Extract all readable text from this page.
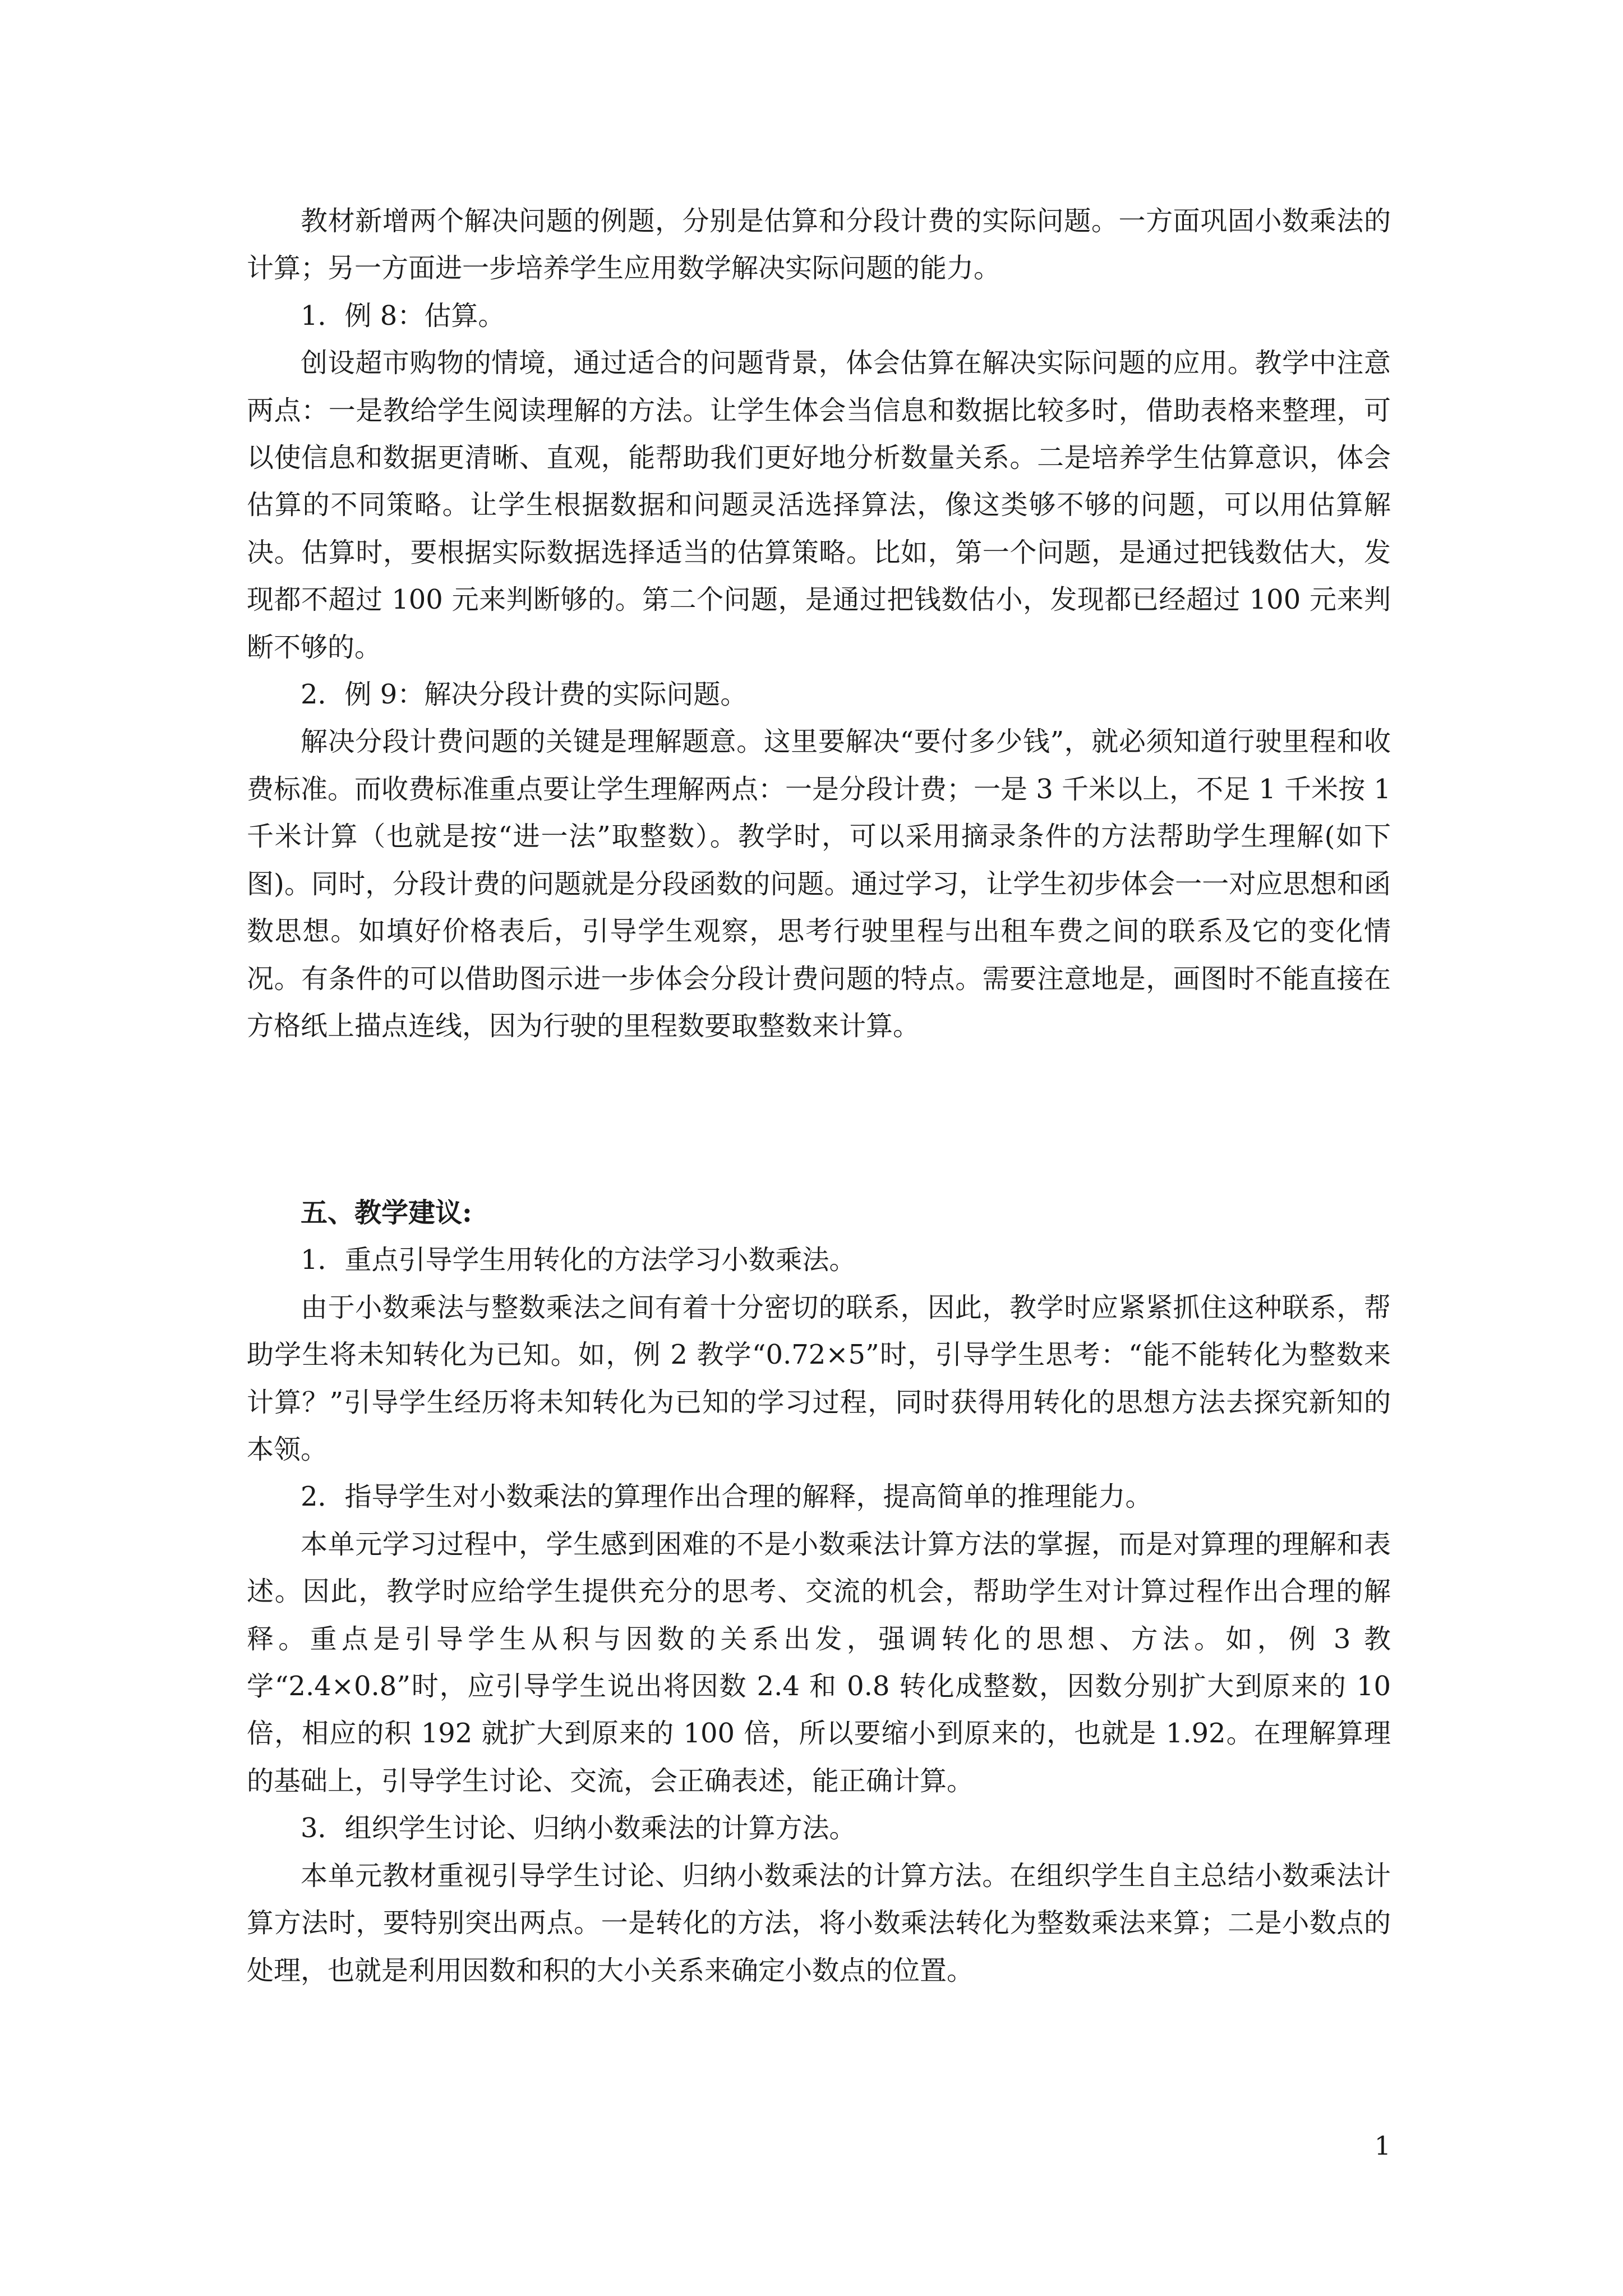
教材新增两个解决问题的例题，分别是估算和分段计费的实际问题。一方面巩固小数乘法的计算；另一方面进一步培养学生应用数学解决实际问题的能力。

1．例 8：估算。

创设超市购物的情境，通过适合的问题背景，体会估算在解决实际问题的应用。教学中注意两点：一是教给学生阅读理解的方法。让学生体会当信息和数据比较多时，借助表格来整理，可以使信息和数据更清晰、直观，能帮助我们更好地分析数量关系。二是培养学生估算意识，体会估算的不同策略。让学生根据数据和问题灵活选择算法，像这类够不够的问题，可以用估算解决。估算时，要根据实际数据选择适当的估算策略。比如，第一个问题，是通过把钱数估大，发现都不超过 100 元来判断够的。第二个问题，是通过把钱数估小，发现都已经超过 100 元来判断不够的。

2．例 9：解决分段计费的实际问题。

解决分段计费问题的关键是理解题意。这里要解决“要付多少钱”，就必须知道行驶里程和收费标准。而收费标准重点要让学生理解两点：一是分段计费；一是 3 千米以上，不足 1 千米按 1 千米计算（也就是按“进一法”取整数）。教学时，可以采用摘录条件的方法帮助学生理解(如下图)。同时，分段计费的问题就是分段函数的问题。通过学习，让学生初步体会一一对应思想和函数思想。如填好价格表后，引导学生观察，思考行驶里程与出租车费之间的联系及它的变化情况。有条件的可以借助图示进一步体会分段计费问题的特点。需要注意地是，画图时不能直接在方格纸上描点连线，因为行驶的里程数要取整数来计算。

五、教学建议:

1．重点引导学生用转化的方法学习小数乘法。

由于小数乘法与整数乘法之间有着十分密切的联系，因此，教学时应紧紧抓住这种联系，帮助学生将未知转化为已知。如，例 2 教学“0.72×5”时，引导学生思考：“能不能转化为整数来计算？”引导学生经历将未知转化为已知的学习过程，同时获得用转化的思想方法去探究新知的本领。

2．指导学生对小数乘法的算理作出合理的解释，提高简单的推理能力。

本单元学习过程中，学生感到困难的不是小数乘法计算方法的掌握，而是对算理的理解和表述。因此，教学时应给学生提供充分的思考、交流的机会，帮助学生对计算过程作出合理的解释。重点是引导学生从积与因数的关系出发，强调转化的思想、方法。如，例 3 教学“2.4×0.8”时，应引导学生说出将因数 2.4 和 0.8 转化成整数，因数分别扩大到原来的 10 倍，相应的积 192 就扩大到原来的 100 倍，所以要缩小到原来的，也就是 1.92。在理解算理的基础上，引导学生讨论、交流，会正确表述，能正确计算。

3．组织学生讨论、归纳小数乘法的计算方法。

本单元教材重视引导学生讨论、归纳小数乘法的计算方法。在组织学生自主总结小数乘法计算方法时，要特别突出两点。一是转化的方法，将小数乘法转化为整数乘法来算；二是小数点的处理，也就是利用因数和积的大小关系来确定小数点的位置。

1
